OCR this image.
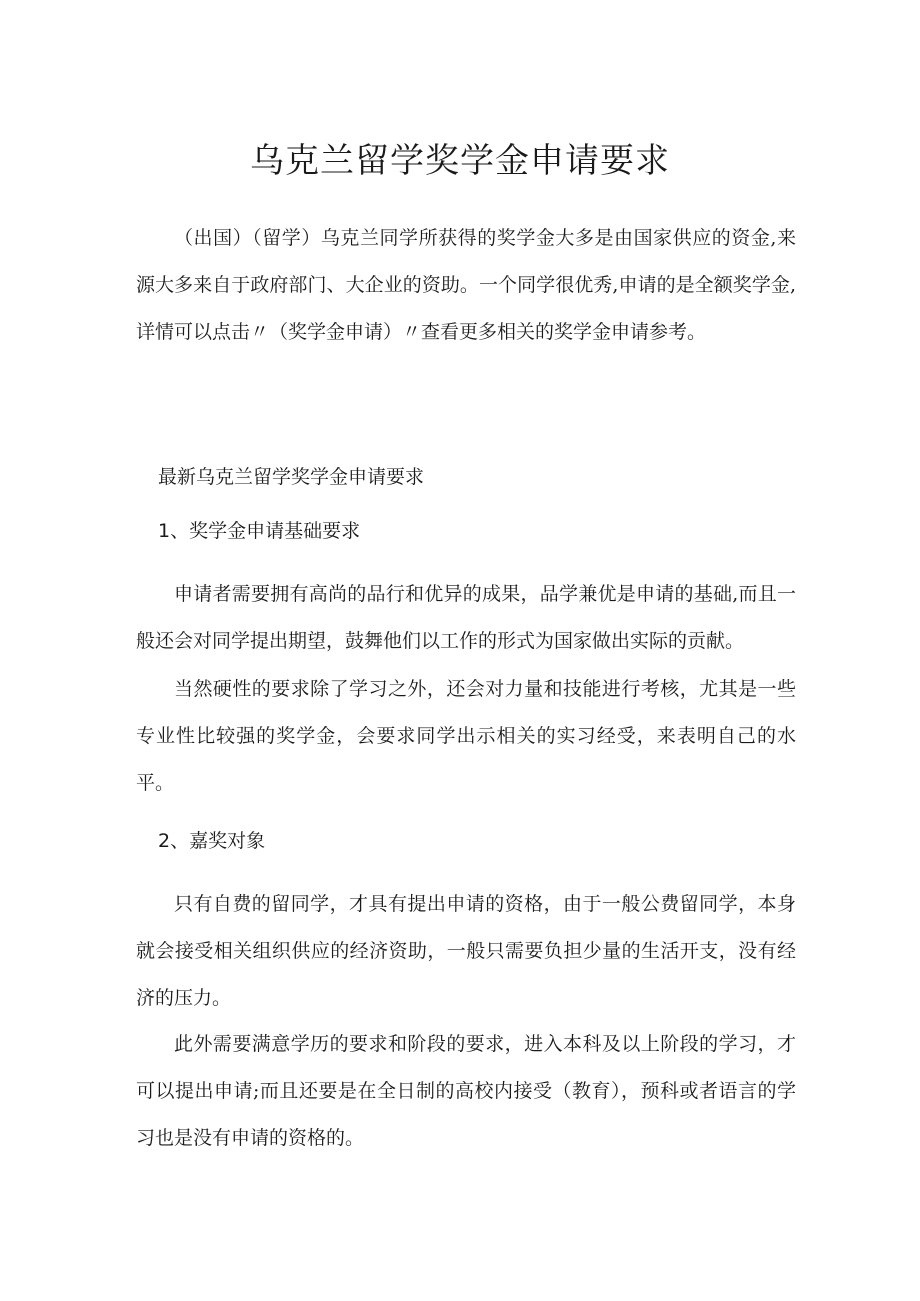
乌克兰留学奖学金申请要求

（出国）（留学）乌克兰同学所获得的奖学金大多是由国家供应的资金,来源大多来自于政府部门、大企业的资助。一个同学很优秀,申请的是全额奖学金,详情可以点击〃（奖学金申请）〃查看更多相关的奖学金申请参考。

最新乌克兰留学奖学金申请要求

1、奖学金申请基础要求

申请者需要拥有高尚的品行和优异的成果，品学兼优是申请的基础,而且一般还会对同学提出期望，鼓舞他们以工作的形式为国家做出实际的贡献。

当然硬性的要求除了学习之外，还会对力量和技能进行考核，尤其是一些专业性比较强的奖学金，会要求同学出示相关的实习经受，来表明自己的水平。

2、嘉奖对象

只有自费的留同学，才具有提出申请的资格，由于一般公费留同学，本身就会接受相关组织供应的经济资助，一般只需要负担少量的生活开支，没有经济的压力。

此外需要满意学历的要求和阶段的要求，进入本科及以上阶段的学习，才可以提出申请;而且还要是在全日制的高校内接受（教育），预科或者语言的学习也是没有申请的资格的。
